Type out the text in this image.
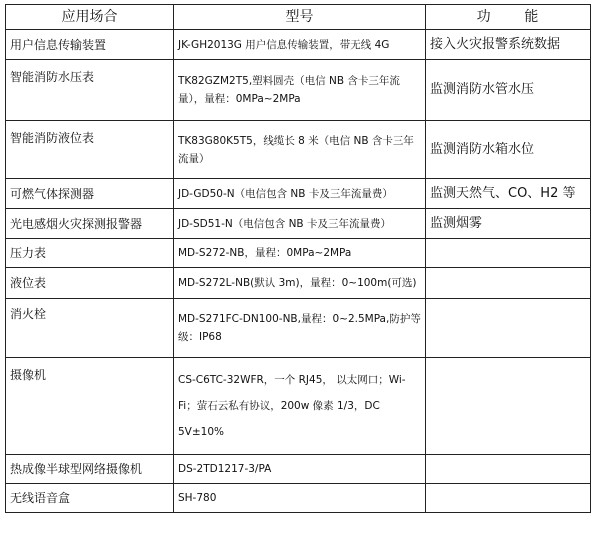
应用场合	型号	功      能
用户信息传输装置	JK-GH2013G 用户信息传输装置，带无线 4G	接入火灾报警系统数据
智能消防水压表	TK82GZM2T5,塑料圆壳（电信 NB 含卡三年流量），量程：0MPa~2MPa	监测消防水管水压
智能消防液位表	TK83G80K5T5，线缆长 8 米（电信 NB 含卡三年流量）	监测消防水箱水位
可燃气体探测器	JD-GD50-N（电信包含 NB 卡及三年流量费）	监测天然气、CO、H2 等
光电感烟火灾探测报警器	JD-SD51-N（电信包含 NB 卡及三年流量费）	监测烟雾
压力表	MD-S272-NB，量程：0MPa~2MPa	
液位表	MD-S272L-NB(默认 3m)，量程：0~100m(可选)	
消火栓	MD-S271FC-DN100-NB,量程：0~2.5MPa,防护等级：IP68	
摄像机	CS-C6TC-32WFR，一个 RJ45， 以太网口；Wi-Fi；萤石云私有协议，200w 像素 1/3，DC 5V±10%	
热成像半球型网络摄像机	DS-2TD1217-3/PA	
无线语音盒	SH-780	
